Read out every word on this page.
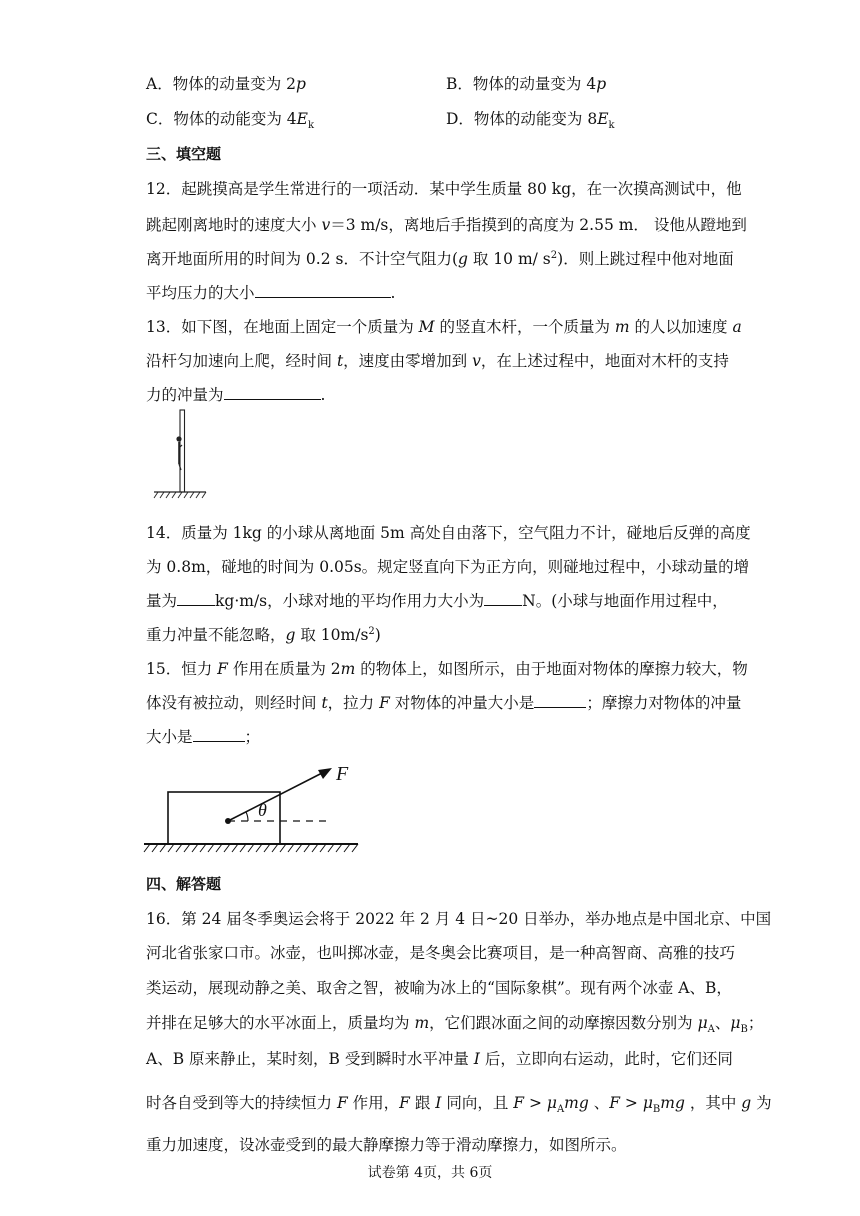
A．物体的动量变为 2p	B．物体的动量变为 4p
C．物体的动能变为 $4E_k$	D．物体的动能变为 $8E_k$
三、填空题
12．起跳摸高是学生常进行的一项活动．某中学生质量 80 kg，在一次摸高测试中，他
跳起刚离地时的速度大小 v＝3 m/s，离地后手指摸到的高度为 2.55 m． 设他从蹬地到
离开地面所用的时间为 0.2 s．不计空气阻力(g 取 10 m/ $s^2$)．则上跳过程中他对地面
平均压力的大小	.
13．如下图，在地面上固定一个质量为 M 的竖直木杆，一个质量为 m 的人以加速度 a
沿杆匀加速向上爬，经时间 t，速度由零增加到 v，在上述过程中，地面对木杆的支持
力的冲量为	.
14．质量为 1kg 的小球从离地面 5m 高处自由落下，空气阻力不计，碰地后反弹的高度
为 0.8m，碰地的时间为 0.05s。规定竖直向下为正方向，则碰地过程中，小球动量的增
量为 kg·m/s，小球对地的平均作用力大小为 N。(小球与地面作用过程中，
重力冲量不能忽略，g 取 $10m/s^2$)
15．恒力 F 作用在质量为 2m 的物体上，如图所示，由于地面对物体的摩擦力较大，物
体没有被拉动，则经时间 t，拉力 F 对物体的冲量大小是	；摩擦力对物体的冲量
大小是	；
F
θ
四、解答题
16．第 24 届冬季奥运会将于 2022 年 2 月 4 日~20 日举办，举办地点是中国北京、中国
河北省张家口市。冰壶，也叫掷冰壶，是冬奥会比赛项目，是一种高智商、高雅的技巧
类运动，展现动静之美、取舍之智，被喻为冰上的“国际象棋”。现有两个冰壶 A、B，
并排在足够大的水平冰面上，质量均为 m，它们跟冰面之间的动摩擦因数分别为 $\mu_A$、$\mu_B$；
A、B 原来静止，某时刻，B 受到瞬时水平冲量 I 后，立即向右运动，此时，它们还同
时各自受到等大的持续恒力 F 作用，F 跟 I 同向，且 $F > \mu_Amg$ 、$F > \mu_Bmg$ ，其中 g 为
重力加速度，设冰壶受到的最大静摩擦力等于滑动摩擦力，如图所示。
试卷第 4页，共 6页
